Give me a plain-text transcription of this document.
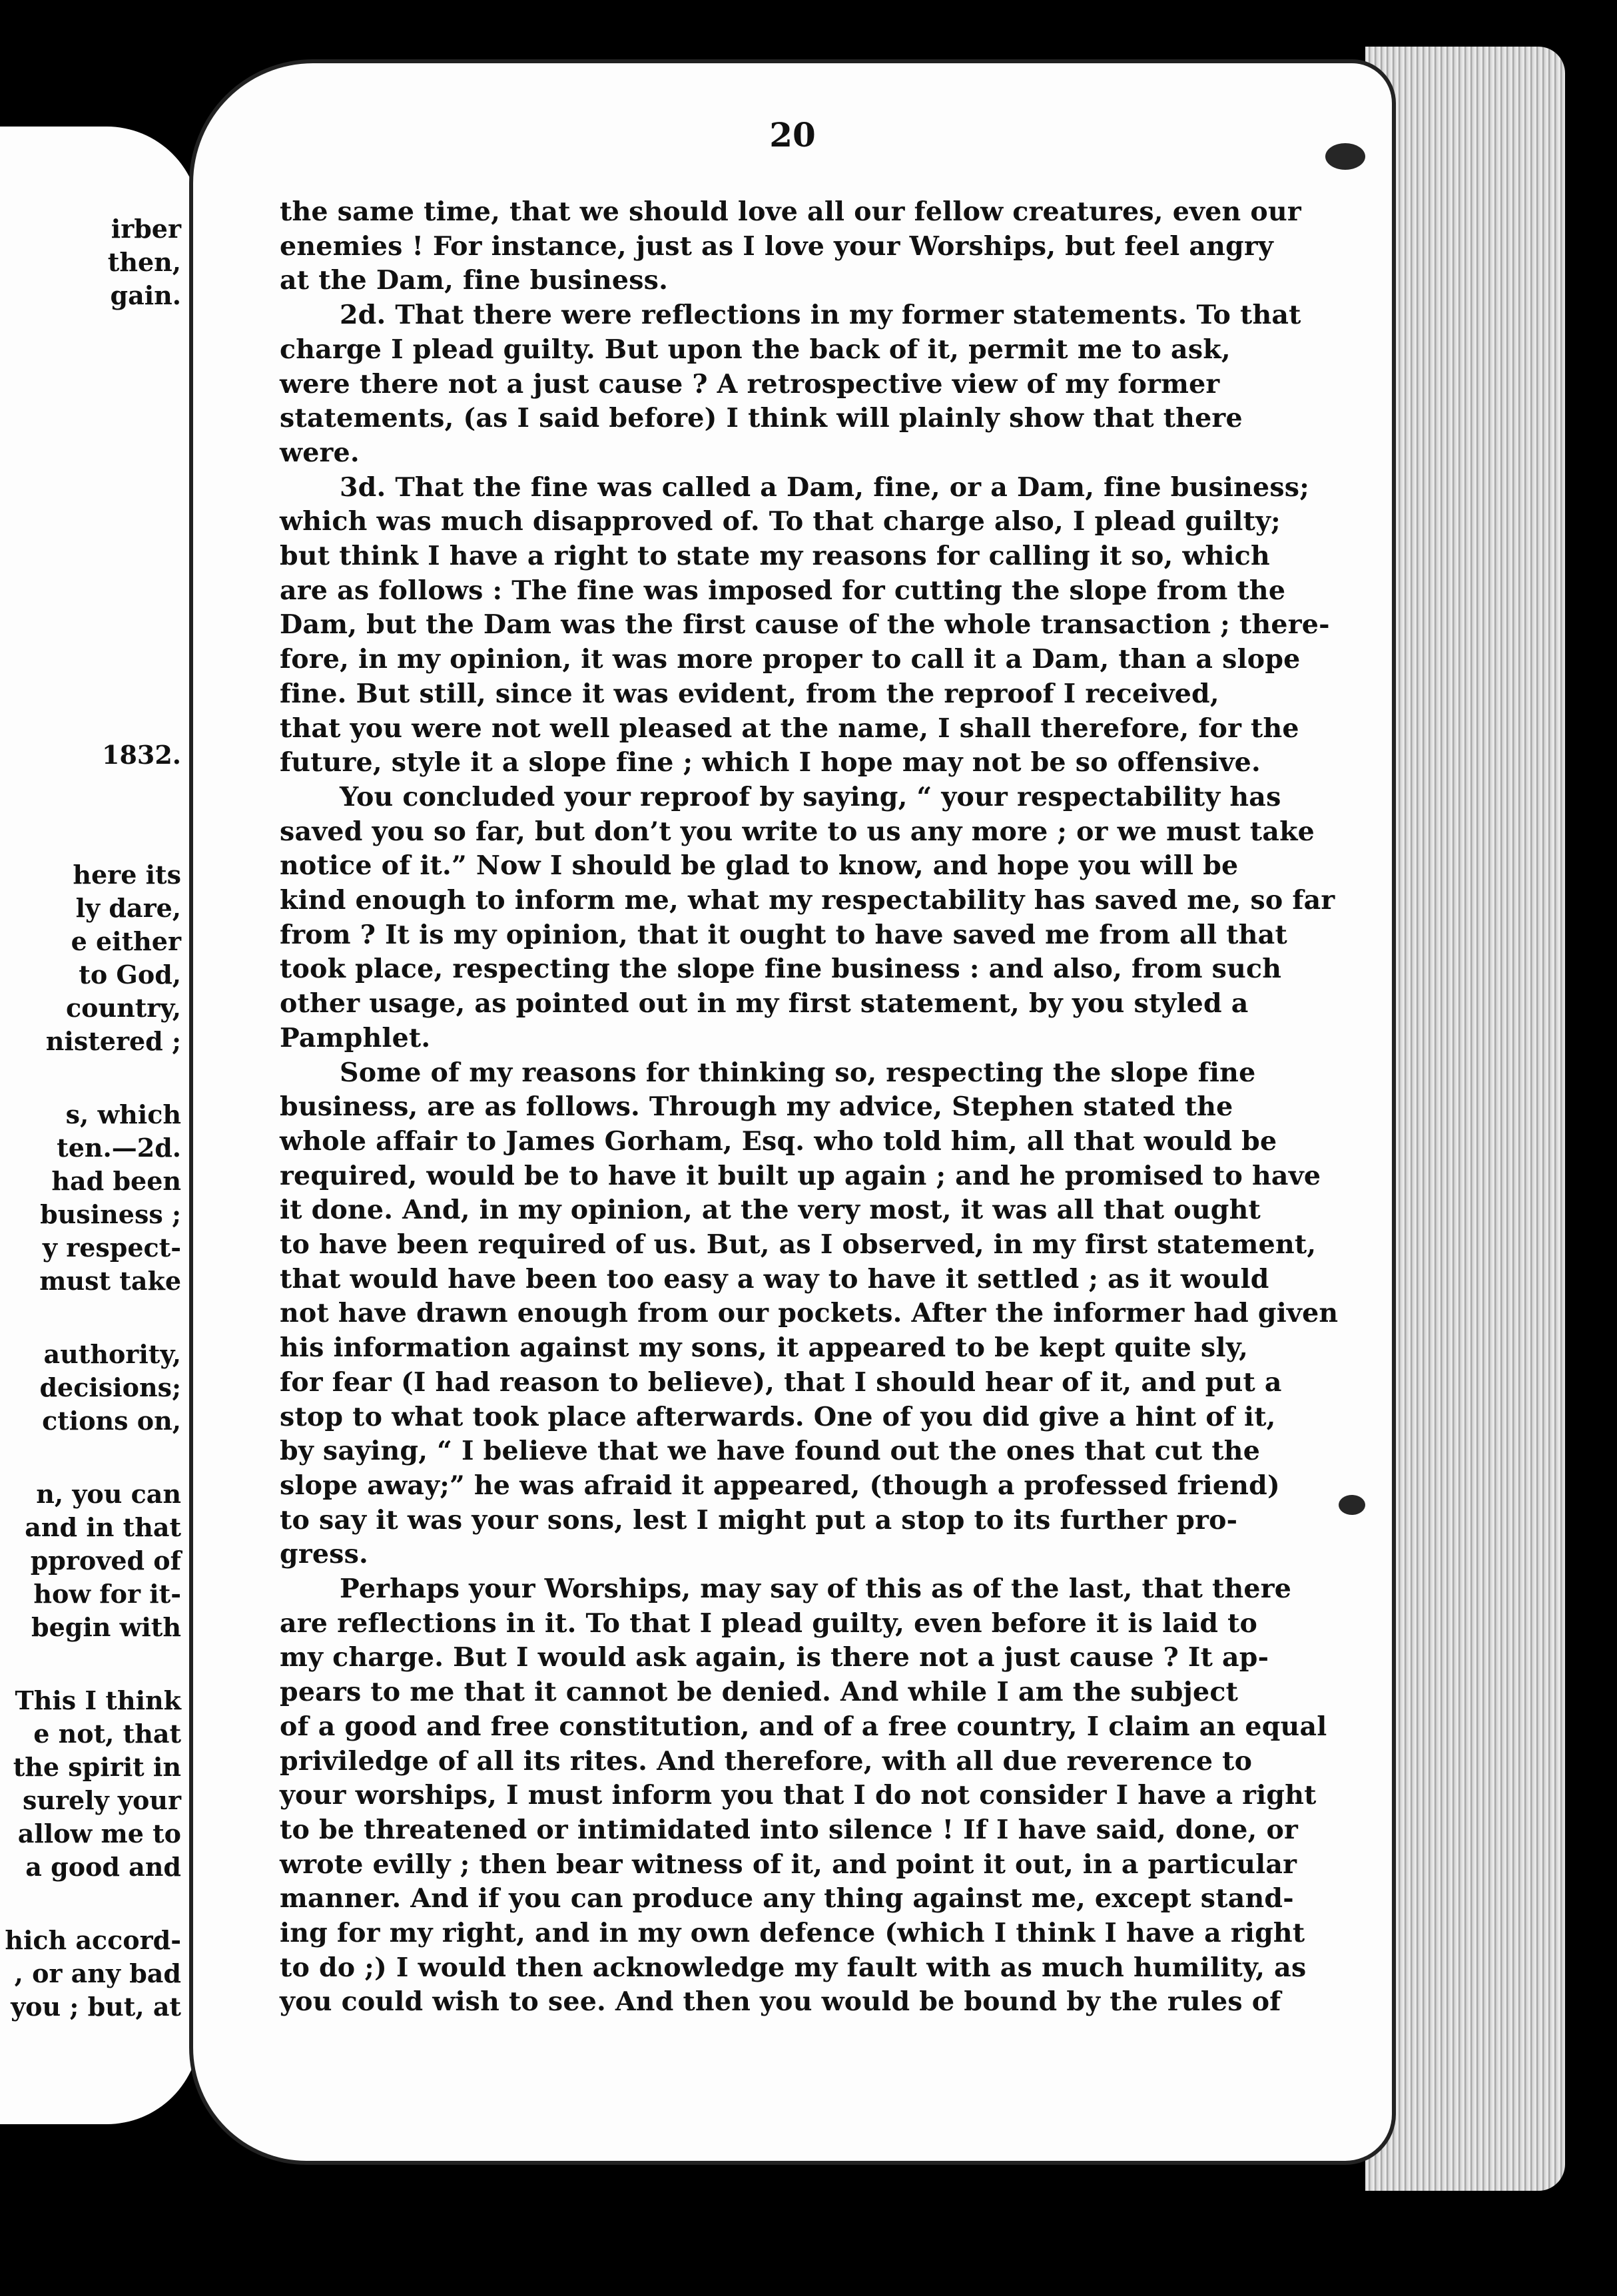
irber
then,
gain.
1832.
here its
ly dare,
e either
to God,
country,
nistered ;
s, which
ten.—2d.
had been
business ;
y respect-
must take
authority,
decisions;
ctions on,
n, you can
and in that
pproved of
how for it-
begin with
This I think
e not, that
the spirit in
surely your
allow me to
a good and
hich accord-
, or any bad
you ; but, at
20
the same time, that we should love all our fellow creatures, even our
enemies ! For instance, just as I love your Worships, but feel angry
at the Dam, fine business.
2d. That there were reflections in my former statements. To that
charge I plead guilty. But upon the back of it, permit me to ask,
were there not a just cause ? A retrospective view of my former
statements, (as I said before) I think will plainly show that there
were.
3d. That the fine was called a Dam, fine, or a Dam, fine business;
which was much disapproved of. To that charge also, I plead guilty;
but think I have a right to state my reasons for calling it so, which
are as follows : The fine was imposed for cutting the slope from the
Dam, but the Dam was the first cause of the whole transaction ; there-
fore, in my opinion, it was more proper to call it a Dam, than a slope
fine. But still, since it was evident, from the reproof I received,
that you were not well pleased at the name, I shall therefore, for the
future, style it a slope fine ; which I hope may not be so offensive.
You concluded your reproof by saying, “ your respectability has
saved you so far, but don’t you write to us any more ; or we must take
notice of it.” Now I should be glad to know, and hope you will be
kind enough to inform me, what my respectability has saved me, so far
from ? It is my opinion, that it ought to have saved me from all that
took place, respecting the slope fine business : and also, from such
other usage, as pointed out in my first statement, by you styled a
Pamphlet.
Some of my reasons for thinking so, respecting the slope fine
business, are as follows. Through my advice, Stephen stated the
whole affair to James Gorham, Esq. who told him, all that would be
required, would be to have it built up again ; and he promised to have
it done. And, in my opinion, at the very most, it was all that ought
to have been required of us. But, as I observed, in my first statement,
that would have been too easy a way to have it settled ; as it would
not have drawn enough from our pockets. After the informer had given
his information against my sons, it appeared to be kept quite sly,
for fear (I had reason to believe), that I should hear of it, and put a
stop to what took place afterwards. One of you did give a hint of it,
by saying, “ I believe that we have found out the ones that cut the
slope away;” he was afraid it appeared, (though a professed friend)
to say it was your sons, lest I might put a stop to its further pro-
gress.
Perhaps your Worships, may say of this as of the last, that there
are reflections in it. To that I plead guilty, even before it is laid to
my charge. But I would ask again, is there not a just cause ? It ap-
pears to me that it cannot be denied. And while I am the subject
of a good and free constitution, and of a free country, I claim an equal
priviledge of all its rites. And therefore, with all due reverence to
your worships, I must inform you that I do not consider I have a right
to be threatened or intimidated into silence ! If I have said, done, or
wrote evilly ; then bear witness of it, and point it out, in a particular
manner. And if you can produce any thing against me, except stand-
ing for my right, and in my own defence (which I think I have a right
to do ;) I would then acknowledge my fault with as much humility, as
you could wish to see. And then you would be bound by the rules of
